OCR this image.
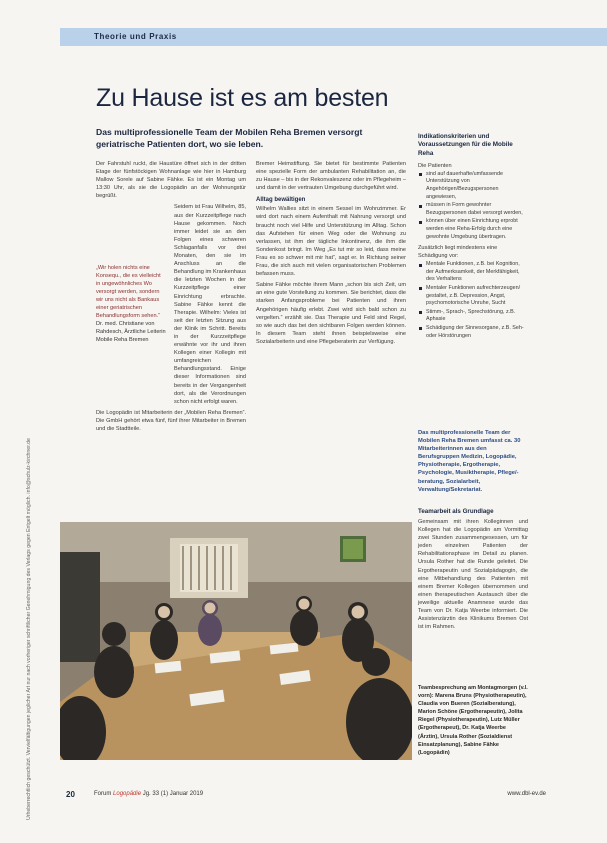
Theorie und Praxis
Urheberrechtlich geschützt. Vervielfältigungen jeglicher Art nur nach vorheriger schriftlicher Genehmigung des Verlags gegen Entgelt möglich. info@schulz-kirchner.de
Zu Hause ist es am besten

Das multiprofessionelle Team der Mobilen Reha Bremen versorgt geriatrische Patienten dort, wo sie leben.

Der Fahrstuhl ruckt, die Haustüre öffnet sich in der dritten Etage der fünfstöckigen Wohnanlage wie hier in Hamburg Mallow Sorele auf Sabine Fähke. Es ist ein Montag um 13:30 Uhr, als sie die Logopädin an der Wohnungstür begrüßt.

Seidem ist Frau Wilhelm, 85, aus der Kurzzeitpflege nach Hause gekommen. Noch immer leidet sie an den Folgen eines schweren Schlaganfalls vor drei Monaten, den sie im Anschluss an die Behandlung im Krankenhaus die letzten Wochen in der Kurzzeitpflege einer Einrichtung erbrachte. Sabine Fähke kennt die Therapie. Wilhelm: Vieles ist seit der letzten Sitzung aus der Klinik im Schritt. Bereits in der Kurzzeitpflege erwähnte vor ihr und ihren Kollegen einer Kollegin mit umfangreichen Behandlungsstand. Einige dieser Informationen sind bereits in der Vergangenheit dort, als die Verordnungen schon nicht erfolgt waren.

Die Logopädin ist Mitarbeiterin der „Mobilen Reha Bremen“. Die GmbH gehört etwa fünf, fünf ihrer Mitarbeiter in Bremen und die Stadtteile.

„Wir holen nichts eine Konsequ., die es vielleicht in ungewöhnliches Wo versorgt werden, sondern wir uns nicht als Bankaus einer geriatrischen Behandlungsform sehen.“
Dr. med. Christiane von Rahdesch, Ärztliche Leiterin
Mobile Reha Bremen

Bremer Heimstiftung. Sie bietet für bestimmte Patienten eine spezielle Form der ambulanten Rehabilitation an, die zu Hause – bis in der Rekonvaleszenz oder im Pflegeheim – und damit in der vertrauten Umgebung durchgeführt wird.

Alltag bewältigen

Wilhelm Wallies sitzt in einem Sessel im Wohnzimmer. Er wird dort nach einem Aufenthalt mit Nahrung versorgt und braucht noch viel Hilfe und Unterstützung im Alltag. Schon das Aufstehen für einen Weg oder die Wohnung zu verlassen, ist ihm der tägliche Inkontinenz, die ihm die Sondenkost bringt. Im Weg „Es tut mir so leid, dass meine Frau es so schwer mit mir hat“, sagt er. In Richtung seiner Frau, die sich auch mit vielen organisatorischen Problemen befassen muss.

Sabine Fähke möchte ihrem Mann „schon bis sich Zeit, um an eine gute Vorstellung zu kommen. Sie berichtet, dass die starken Anfangsprobleme bei Patienten und ihren Angehörigen häufig erlebt. Zwei wird sich bald schon zu vergelten.“ erzählt sie. Das Therapie und Feld sind Regel, so wie auch das bei den sichtbaren Folgen werden können. In diesem Team steht ihnen beispielsweise eine Sozialarbeiterin und eine Pflegeberaterin zur Verfügung.

Indikationskriterien und Voraussetzungen für die Mobile Reha
Die Patienten
sind auf dauerhafte/umfassende Unterstützung von Angehörigen/Bezugspersonen angewiesen,
müssen in Form gewohnter Bezugspersonen dabei versorgt werden,
können über einen Einrichtung erprobt werden eine Reha-Erfolg durch eine gewohnte Umgebung übertragen.
Zusätzlich liegt mindestens eine Schädigung vor:
Mentale Funktionen, z.B. bei Kognition, der Aufmerksamkeit, der Merkfähigkeit, des Verhaltens
Mentaler Funktionen aufrechterzeugen/ gestaltet, z.B. Depression, Angst, psychomotorische Unruhe, Sucht
Stimm-, Sprach-, Sprechstörung, z.B. Aphasie
Schädigung der Sinnesorgane, z.B. Seh- oder Hörstörungen

Das multiprofessionelle Team der Mobilen Reha Bremen umfasst ca. 30 Mitarbeiterinnen aus den Berufsgruppen Medizin, Logopädie, Physiotherapie, Ergotherapie, Psychologie, Musiktherapie, Pflege/-beratung, Sozialarbeit, Verwaltung/Sekretariat.

Teamarbeit als Grundlage

Gemeinsam mit ihren Kolleginnen und Kollegen hat die Logopädin am Vormittag zwei Stunden zusammengesessen, um für jeden einzelnen Patienten der Rehabilitationsphase im Detail zu planen. Ursula Rother hat die Runde geleitet. Die Ergotherapeutin und Sozialpädagogin, die eine Mitbehandlung des Patienten mit einem Bremer Kollegen übernommen und einen therapeutischen Austausch über die jeweilige aktuelle Anamnese wurde das Team von Dr. Katja Weerbe informiert. Die Assistenzärztin des Klinikums Bremen Ost ist im Rahmen.

Teambesprechung am Montagmorgen (v.l. vorn): Marena Bruns (Physiotherapeutin), Claudia von Bueren (Sozialberatung), Marion Schöne (Ergotherapeutin), Jolita Riegel (Physiotherapeutin), Lutz Müller (Ergotherapeut), Dr. Katja Weerbe (Ärztin), Ursula Rother (Sozialdienst Einsatzplanung), Sabine Fähke (Logopädin)

20	Forum Logopädie Jg. 33 (1) Januar 2019	www.dbl-ev.de
